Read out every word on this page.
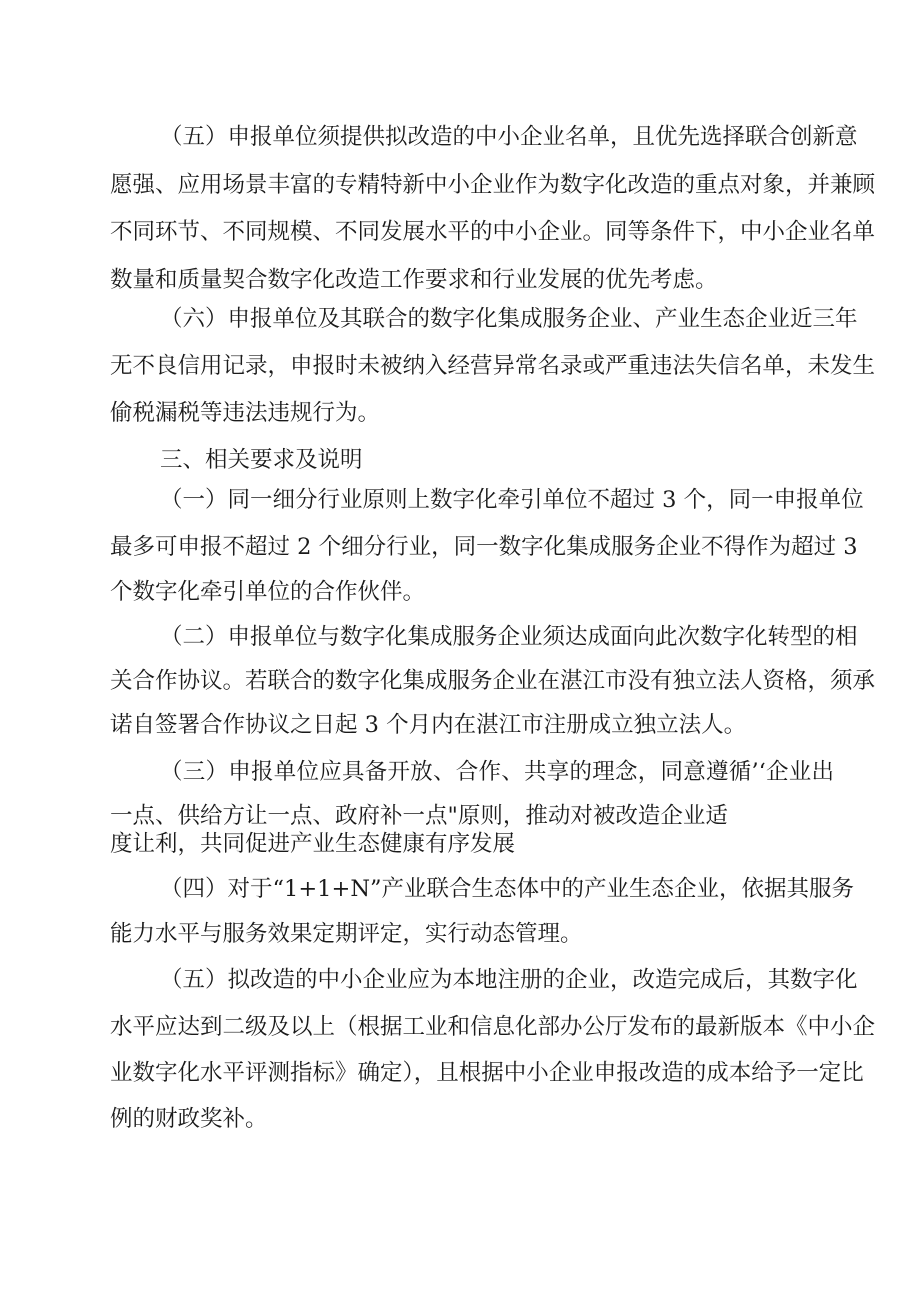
（五）申报单位须提供拟改造的中小企业名单，且优先选择联合创新意
愿强、应用场景丰富的专精特新中小企业作为数字化改造的重点对象，并兼顾
不同环节、不同规模、不同发展水平的中小企业。同等条件下，中小企业名单
数量和质量契合数字化改造工作要求和行业发展的优先考虑。
（六）申报单位及其联合的数字化集成服务企业、产业生态企业近三年
无不良信用记录，申报时未被纳入经营异常名录或严重违法失信名单，未发生
偷税漏税等违法违规行为。
三、相关要求及说明
（一）同一细分行业原则上数字化牵引单位不超过 3 个，同一申报单位
最多可申报不超过 2 个细分行业，同一数字化集成服务企业不得作为超过 3
个数字化牵引单位的合作伙伴。
（二）申报单位与数字化集成服务企业须达成面向此次数字化转型的相
关合作协议。若联合的数字化集成服务企业在湛江市没有独立法人资格，须承
诺自签署合作协议之日起 3 个月内在湛江市注册成立独立法人。
（三）申报单位应具备开放、合作、共享的理念，同意遵循’‘企业出
一点、供给方让一点、政府补一点"原则，推动对被改造企业适
度让利，共同促进产业生态健康有序发展
（四）对于“1+1+N”产业联合生态体中的产业生态企业，依据其服务
能力水平与服务效果定期评定，实行动态管理。
（五）拟改造的中小企业应为本地注册的企业，改造完成后，其数字化
水平应达到二级及以上（根据工业和信息化部办公厅发布的最新版本《中小企
业数字化水平评测指标》确定），且根据中小企业申报改造的成本给予一定比
例的财政奖补。
